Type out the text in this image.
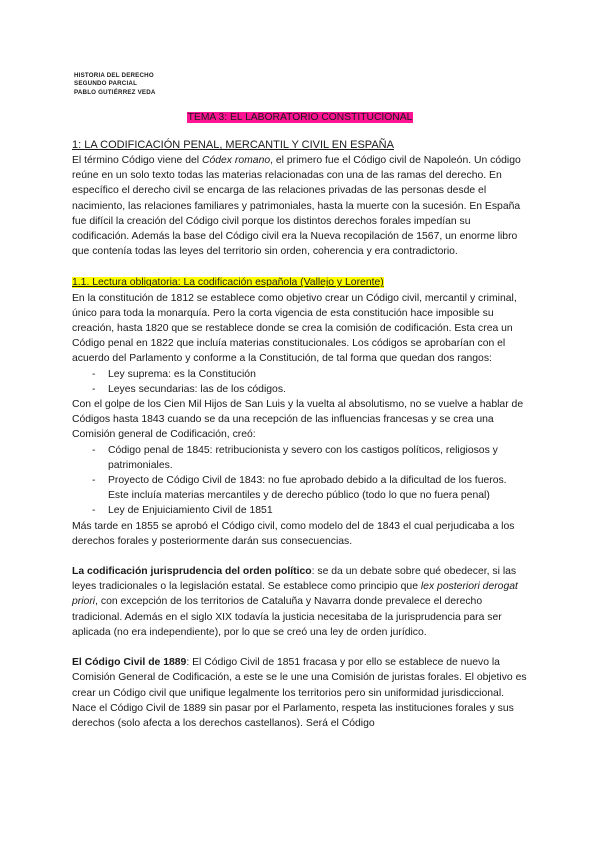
HISTORIA DEL DERECHO
SEGUNDO PARCIAL
PABLO GUTIÉRREZ VEDA
TEMA 3: EL LABORATORIO CONSTITUCIONAL

1: LA CODIFICACIÓN PENAL, MERCANTIL Y CIVIL EN ESPAÑA

El término Código viene del Códex romano, el primero fue el Código civil de Napoleón. Un código reúne en un solo texto todas las materias relacionadas con una de las ramas del derecho. En específico el derecho civil se encarga de las relaciones privadas de las personas desde el nacimiento, las relaciones familiares y patrimoniales, hasta la muerte con la sucesión. En España fue difícil la creación del Código civil porque los distintos derechos forales impedían su codificación. Además la base del Código civil era la Nueva recopilación de 1567, un enorme libro que contenía todas las leyes del territorio sin orden, coherencia y era contradictorio.

1.1. Lectura obligatoria: La codificación española (Vallejo y Lorente)

En la constitución de 1812 se establece como objetivo crear un Código civil, mercantil y criminal, único para toda la monarquía. Pero la corta vigencia de esta constitución hace imposible su creación, hasta 1820 que se restablece donde se crea la comisión de codificación. Esta crea un Código penal en 1822 que incluía materias constitucionales. Los códigos se aprobarían con el acuerdo del Parlamento y conforme a la Constitución, de tal forma que quedan dos rangos:

- Ley suprema: es la Constitución
- Leyes secundarias: las de los códigos.

Con el golpe de los Cien Mil Hijos de San Luis y la vuelta al absolutismo, no se vuelve a hablar de Códigos hasta 1843 cuando se da una recepción de las influencias francesas y se crea una Comisión general de Codificación, creó:

- Código penal de 1845: retribucionista y severo con los castigos políticos, religiosos y patrimoniales.
- Proyecto de Código Civil de 1843: no fue aprobado debido a la dificultad de los fueros. Este incluía materias mercantiles y de derecho público (todo lo que no fuera penal)
- Ley de Enjuiciamiento Civil de 1851

Más tarde en 1855 se aprobó el Código civil, como modelo del de 1843 el cual perjudicaba a los derechos forales y posteriormente darán sus consecuencias.

La codificación jurisprudencia del orden político: se da un debate sobre qué obedecer, si las leyes tradicionales o la legislación estatal. Se establece como principio que lex posteriori derogat priori, con excepción de los territorios de Cataluña y Navarra donde prevalece el derecho tradicional. Además en el siglo XIX todavía la justicia necesitaba de la jurisprudencia para ser aplicada (no era independiente), por lo que se creó una ley de orden jurídico.

El Código Civil de 1889: El Código Civil de 1851 fracasa y por ello se establece de nuevo la Comisión General de Codificación, a este se le une una Comisión de juristas forales. El objetivo es crear un Código civil que unifique legalmente los territorios pero sin uniformidad jurisdiccional. Nace el Código Civil de 1889 sin pasar por el Parlamento, respeta las instituciones forales y sus derechos (solo afecta a los derechos castellanos). Será el Código
